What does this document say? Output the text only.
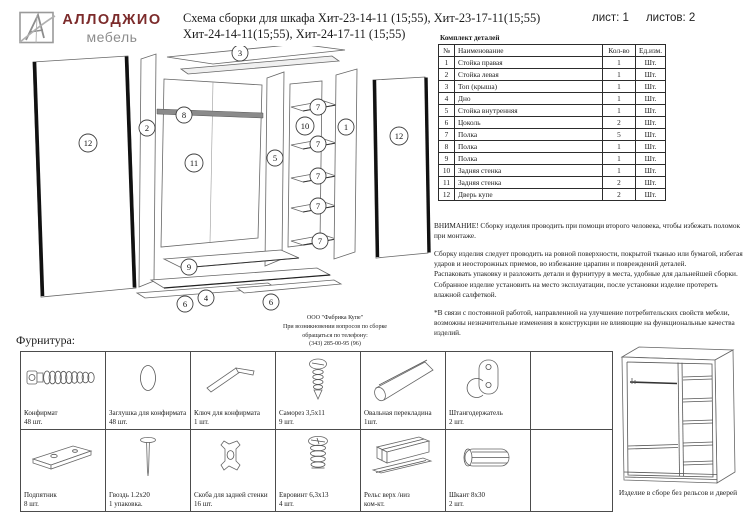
АЛЛОДЖИО
мебель
Схема сборки для шкафа Хит-23-14-11 (15;55), Хит-23-17-11(15;55)
Хит-24-14-11(15;55), Хит-24-17-11 (15;55)
лист: 1 листов: 2
Комплект деталей
№	Наименование	Кол-во	Ед.изм.
1	Стойка правая	1	Шт.
2	Стойка левая	1	Шт.
3	Топ (крыша)	1	Шт.
4	Дно	1	Шт.
5	Стойка внутренняя	1	Шт.
6	Цоколь	2	Шт.
7	Полка	5	Шт.
8	Полка	1	Шт.
9	Полка	1	Шт.
10	Задняя стенка	1	Шт.
11	Задняя стенка	2	Шт.
12	Дверь купе	2	Шт.

ВНИМАНИЕ! Сборку изделия проводить при помощи второго человека, чтобы избежать поломок при монтаже.

Сборку изделия следует проводить на ровной поверхности, покрытой тканью или бумагой, избегая ударов и неосторожных приемов, во избежание царапин и повреждений деталей.

Распаковать упаковку и разложить детали и фурнитуру в места, удобные для дальнейшей сборки.

Собранное изделие установить на место эксплуатации, после установки изделие протереть влажной салфеткой.

*В связи с постоянной работой, направленной на улучшение потребительских свойств мебели, возможны незначительные изменения в конструкции не влияющие на функциональные качества изделий.

3
12
2
8
11	5
10
7
7
7
7
7
1
12
9
4
6	6
ООО "Фабрика Купе"
При возникновении вопросов по сборке
обращаться по телефону:
(343) 285-00-95 (96)
Фурнитура:
Конфирмат
48 шт.
Заглушка для конфирмата
48 шт.
Ключ для конфирмата
1 шт.
Саморез 3,5х11
9 шт.
Овальная перекладина
1шт.
Штангодержатель
2 шт.
Подпятник
8 шт.
Гвоздь 1.2х20
1 упаковка.
Скоба для задней стенки
16 шт.
Евровинт 6,3х13
4 шт.
Рельс верх /низ
ком-кт.
Шкант 8х30
2 шт.
Изделие в сборе без рельсов и дверей
